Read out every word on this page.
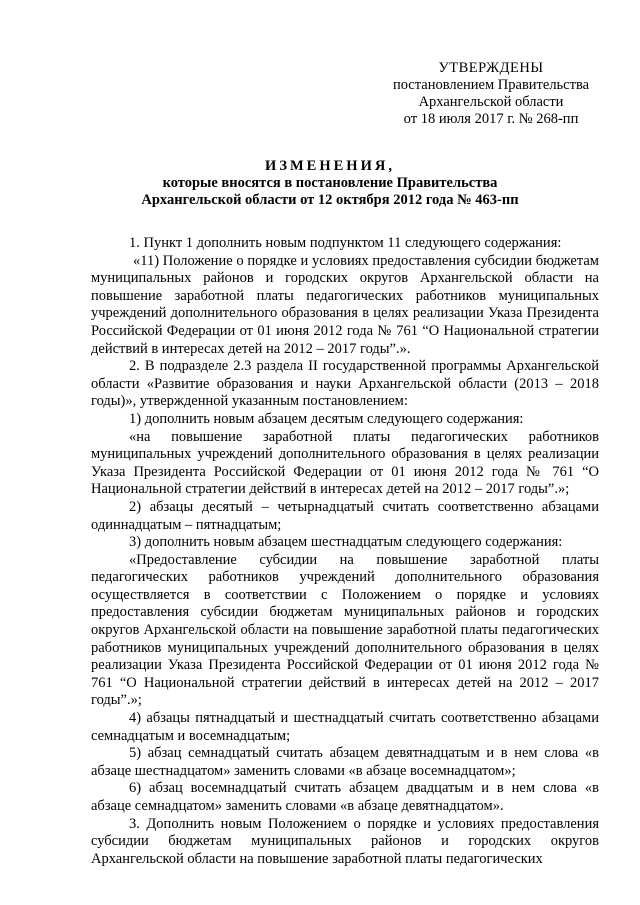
УТВЕРЖДЕНЫ
постановлением Правительства
Архангельской области
от 18 июля 2017 г. № 268-пп
ИЗМЕНЕНИЯ,
которые вносятся в постановление Правительства
Архангельской области от 12 октября 2012 года № 463-пп

1. Пункт 1 дополнить новым подпунктом 11 следующего содержания:

«11) Положение о порядке и условиях предоставления субсидии бюджетам муниципальных районов и городских округов Архангельской области на повышение заработной платы педагогических работников муниципальных учреждений дополнительного образования в целях реализации Указа Президента Российской Федерации от 01 июня 2012 года № 761 “О Национальной стратегии действий в интересах детей на 2012 – 2017 годы”.».

2. В подразделе 2.3 раздела II государственной программы Архангельской области «Развитие образования и науки Архангельской области (2013 – 2018 годы)», утвержденной указанным постановлением:

1) дополнить новым абзацем десятым следующего содержания:

«на повышение заработной платы педагогических работников муниципальных учреждений дополнительного образования в целях реализации Указа Президента Российской Федерации от 01 июня 2012 года № 761 “О Национальной стратегии действий в интересах детей на 2012 – 2017 годы”.»;

2) абзацы десятый – четырнадцатый считать соответственно абзацами одиннадцатым – пятнадцатым;

3) дополнить новым абзацем шестнадцатым следующего содержания:

«Предоставление субсидии на повышение заработной платы педагогических работников учреждений дополнительного образования осуществляется в соответствии с Положением о порядке и условиях предоставления субсидии бюджетам муниципальных районов и городских округов Архангельской области на повышение заработной платы педагогических работников муниципальных учреждений дополнительного образования в целях реализации Указа Президента Российской Федерации от 01 июня 2012 года № 761 “О Национальной стратегии действий в интересах детей на 2012 – 2017 годы”.»;

4) абзацы пятнадцатый и шестнадцатый считать соответственно абзацами семнадцатым и восемнадцатым;

5) абзац семнадцатый считать абзацем девятнадцатым и в нем слова «в абзаце шестнадцатом» заменить словами «в абзаце восемнадцатом»;

6) абзац восемнадцатый считать абзацем двадцатым и в нем слова «в абзаце семнадцатом» заменить словами «в абзаце девятнадцатом».

3. Дополнить новым Положением о порядке и условиях предоставления субсидии бюджетам муниципальных районов и городских округов Архангельской области на повышение заработной платы педагогических
